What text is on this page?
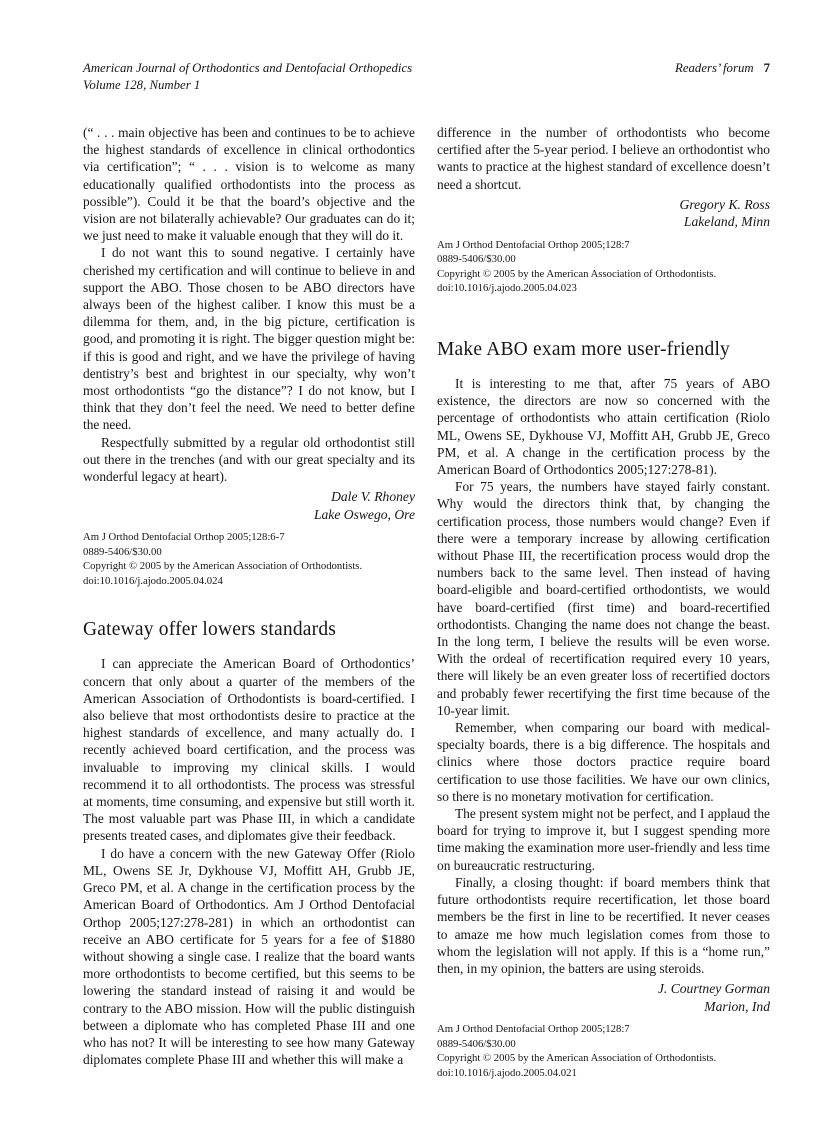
American Journal of Orthodontics and Dentofacial Orthopedics
Volume 128, Number 1
Readers’ forum 7

(“ . . . main objective has been and continues to be to achieve the highest standards of excellence in clinical orthodontics via certification”; “ . . . vision is to welcome as many educationally qualified orthodontists into the process as possible”). Could it be that the board’s objective and the vision are not bilaterally achievable? Our graduates can do it; we just need to make it valuable enough that they will do it.

I do not want this to sound negative. I certainly have cherished my certification and will continue to believe in and support the ABO. Those chosen to be ABO directors have always been of the highest caliber. I know this must be a dilemma for them, and, in the big picture, certification is good, and promoting it is right. The bigger question might be: if this is good and right, and we have the privilege of having dentistry’s best and brightest in our specialty, why won’t most orthodontists “go the distance”? I do not know, but I think that they don’t feel the need. We need to better define the need.

Respectfully submitted by a regular old orthodontist still out there in the trenches (and with our great specialty and its wonderful legacy at heart).

Dale V. Rhoney
Lake Oswego, Ore
Am J Orthod Dentofacial Orthop 2005;128:6-7
0889-5406/$30.00
Copyright © 2005 by the American Association of Orthodontists.
doi:10.1016/j.ajodo.2005.04.024
Gateway offer lowers standards

I can appreciate the American Board of Orthodontics’ concern that only about a quarter of the members of the American Association of Orthodontists is board-certified. I also believe that most orthodontists desire to practice at the highest standards of excellence, and many actually do. I recently achieved board certification, and the process was invaluable to improving my clinical skills. I would recommend it to all orthodontists. The process was stressful at moments, time consuming, and expensive but still worth it. The most valuable part was Phase III, in which a candidate presents treated cases, and diplomates give their feedback.

I do have a concern with the new Gateway Offer (Riolo ML, Owens SE Jr, Dykhouse VJ, Moffitt AH, Grubb JE, Greco PM, et al. A change in the certification process by the American Board of Orthodontics. Am J Orthod Dentofacial Orthop 2005;127:278-281) in which an orthodontist can receive an ABO certificate for 5 years for a fee of $1880 without showing a single case. I realize that the board wants more orthodontists to become certified, but this seems to be lowering the standard instead of raising it and would be contrary to the ABO mission. How will the public distinguish between a diplomate who has completed Phase III and one who has not? It will be interesting to see how many Gateway diplomates complete Phase III and whether this will make a

difference in the number of orthodontists who become certified after the 5-year period. I believe an orthodontist who wants to practice at the highest standard of excellence doesn’t need a shortcut.

Gregory K. Ross
Lakeland, Minn
Am J Orthod Dentofacial Orthop 2005;128:7
0889-5406/$30.00
Copyright © 2005 by the American Association of Orthodontists.
doi:10.1016/j.ajodo.2005.04.023
Make ABO exam more user-friendly

It is interesting to me that, after 75 years of ABO existence, the directors are now so concerned with the percentage of orthodontists who attain certification (Riolo ML, Owens SE, Dykhouse VJ, Moffitt AH, Grubb JE, Greco PM, et al. A change in the certification process by the American Board of Orthodontics 2005;127:278-81).

For 75 years, the numbers have stayed fairly constant. Why would the directors think that, by changing the certification process, those numbers would change? Even if there were a temporary increase by allowing certification without Phase III, the recertification process would drop the numbers back to the same level. Then instead of having board-eligible and board-certified orthodontists, we would have board-certified (first time) and board-recertified orthodontists. Changing the name does not change the beast. In the long term, I believe the results will be even worse. With the ordeal of recertification required every 10 years, there will likely be an even greater loss of recertified doctors and probably fewer recertifying the first time because of the 10-year limit.

Remember, when comparing our board with medical-specialty boards, there is a big difference. The hospitals and clinics where those doctors practice require board certification to use those facilities. We have our own clinics, so there is no monetary motivation for certification.

The present system might not be perfect, and I applaud the board for trying to improve it, but I suggest spending more time making the examination more user-friendly and less time on bureaucratic restructuring.

Finally, a closing thought: if board members think that future orthodontists require recertification, let those board members be the first in line to be recertified. It never ceases to amaze me how much legislation comes from those to whom the legislation will not apply. If this is a “home run,” then, in my opinion, the batters are using steroids.

J. Courtney Gorman
Marion, Ind
Am J Orthod Dentofacial Orthop 2005;128:7
0889-5406/$30.00
Copyright © 2005 by the American Association of Orthodontists.
doi:10.1016/j.ajodo.2005.04.021
